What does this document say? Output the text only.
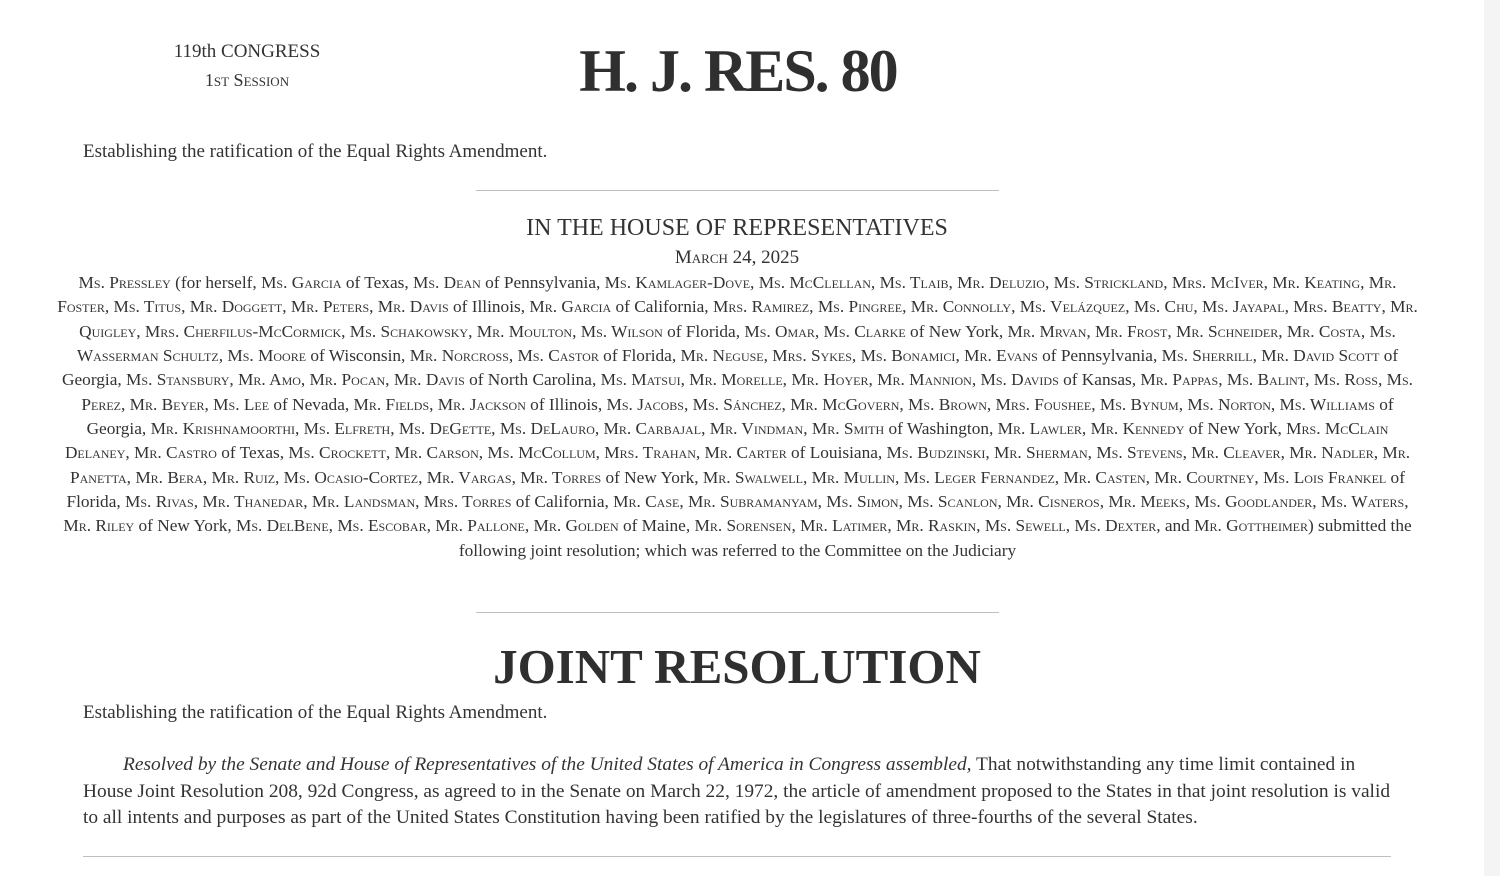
119th CONGRESS
1st Session	H. J. RES. 80
Establishing the ratification of the Equal Rights Amendment.
IN THE HOUSE OF REPRESENTATIVES
March 24, 2025

Ms. Pressley (for herself, Ms. Garcia of Texas, Ms. Dean of Pennsylvania, Ms. Kamlager-Dove, Ms. McClellan, Ms. Tlaib, Mr. Deluzio, Ms. Strickland, Mrs. McIver, Mr. Keating, Mr. Foster, Ms. Titus, Mr. Doggett, Mr. Peters, Mr. Davis of Illinois, Mr. Garcia of California, Mrs. Ramirez, Ms. Pingree, Mr. Connolly, Ms. Velázquez, Ms. Chu, Ms. Jayapal, Mrs. Beatty, Mr. Quigley, Mrs. Cherfilus-McCormick, Ms. Schakowsky, Mr. Moulton, Ms. Wilson of Florida, Ms. Omar, Ms. Clarke of New York, Mr. Mrvan, Mr. Frost, Mr. Schneider, Mr. Costa, Ms. Wasserman Schultz, Ms. Moore of Wisconsin, Mr. Norcross, Ms. Castor of Florida, Mr. Neguse, Mrs. Sykes, Ms. Bonamici, Mr. Evans of Pennsylvania, Ms. Sherrill, Mr. David Scott of Georgia, Ms. Stansbury, Mr. Amo, Mr. Pocan, Mr. Davis of North Carolina, Ms. Matsui, Mr. Morelle, Mr. Hoyer, Mr. Mannion, Ms. Davids of Kansas, Mr. Pappas, Ms. Balint, Ms. Ross, Ms. Perez, Mr. Beyer, Ms. Lee of Nevada, Mr. Fields, Mr. Jackson of Illinois, Ms. Jacobs, Ms. Sánchez, Mr. McGovern, Ms. Brown, Mrs. Foushee, Ms. Bynum, Ms. Norton, Ms. Williams of Georgia, Mr. Krishnamoorthi, Ms. Elfreth, Ms. DeGette, Ms. DeLauro, Mr. Carbajal, Mr. Vindman, Mr. Smith of Washington, Mr. Lawler, Mr. Kennedy of New York, Mrs. McClain Delaney, Mr. Castro of Texas, Ms. Crockett, Mr. Carson, Ms. McCollum, Mrs. Trahan, Mr. Carter of Louisiana, Ms. Budzinski, Mr. Sherman, Ms. Stevens, Mr. Cleaver, Mr. Nadler, Mr. Panetta, Mr. Bera, Mr. Ruiz, Ms. Ocasio-Cortez, Mr. Vargas, Mr. Torres of New York, Mr. Swalwell, Mr. Mullin, Ms. Leger Fernandez, Mr. Casten, Mr. Courtney, Ms. Lois Frankel of Florida, Ms. Rivas, Mr. Thanedar, Mr. Landsman, Mrs. Torres of California, Mr. Case, Mr. Subramanyam, Ms. Simon, Ms. Scanlon, Mr. Cisneros, Mr. Meeks, Ms. Goodlander, Ms. Waters, Mr. Riley of New York, Ms. DelBene, Ms. Escobar, Mr. Pallone, Mr. Golden of Maine, Mr. Sorensen, Mr. Latimer, Mr. Raskin, Ms. Sewell, Ms. Dexter, and Mr. Gottheimer) submitted the following joint resolution; which was referred to the Committee on the Judiciary

JOINT RESOLUTION
Establishing the ratification of the Equal Rights Amendment.

Resolved by the Senate and House of Representatives of the United States of America in Congress assembled, That notwithstanding any time limit contained in House Joint Resolution 208, 92d Congress, as agreed to in the Senate on March 22, 1972, the article of amendment proposed to the States in that joint resolution is valid to all intents and purposes as part of the United States Constitution having been ratified by the legislatures of three-fourths of the several States.
